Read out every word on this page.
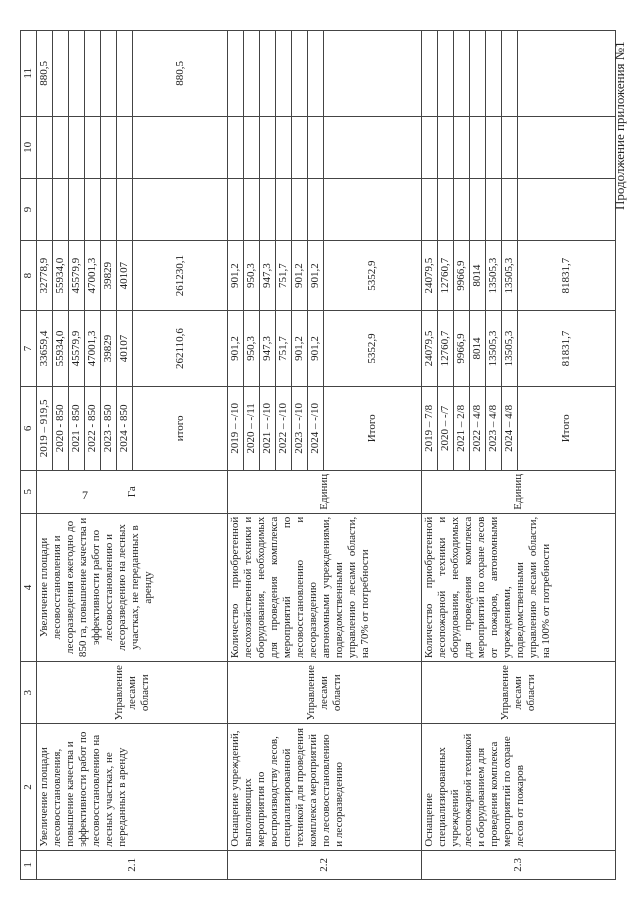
1	2	3	4	5	6	7	8	9	10	11
2.1	Увеличение площади лесовосстановления, повышение качества и эффективности работ по лесовосстановлению на лесных участках, не переданных в аренду	Управление лесами области	Увеличение площади лесовосстановления и лесоразведения ежегодно до 850 га, повышение качества и эффективности работ по лесовосстановлению и лесоразведению на лесных участках, не переданных в аренду	Га	2019 – 919,5	33659,4	32778,9			880,5
					2020 - 850	55934,0	55934,0			
					2021 - 850	45579,9	45579,9			
					2022 - 850	47001,3	47001,3			
					2023 - 850	39829	39829			
					2024 - 850	40107	40107			
					итого	262110,6	261230,1			880,5
2.2	Оснащение учреждений, выполняющих мероприятия по воспроизводству лесов, специализированной техникой для проведения комплекса мероприятий по лесовосстановлению и лесоразведению	Управление лесами области	Количество приобретенной лесохозяйственной техники и оборудования, необходимых для проведения комплекса мероприятий по лесовосстановлению и лесоразведению автономными учреждениями, подведомственными управлению лесами области, на 70% от потребности	Единиц	2019 – -/10	901,2	901,2			
					2020 – -/11	950,3	950,3			
					2021 – -/10	947,3	947,3			
					2022 – -/10	751,7	751,7			
					2023 – -/10	901,2	901,2			
					2024 – -/10	901,2	901,2			
					Итого	5352,9	5352,9			
2.3	Оснащение специализированных учреждений лесопожарной техникой и оборудованием для проведения комплекса мероприятий по охране лесов от пожаров	Управление лесами области	Количество приобретенной лесопожарной техники и оборудования, необходимых для проведения комплекса мероприятий по охране лесов от пожаров, автономными учреждениями, подведомственными управлению лесами области, на 100% от потребности	Единиц	2019 – 7/8	24079,5	24079,5			
					2020 – -/7	12760,7	12760,7			
					2021 – 2/8	9966,9	9966,9			
					2022 – 4/8	8014	8014			
					2023 – 4/8	13505,3	13505,3			
					2024 – 4/8	13505,3	13505,3			
					Итого	81831,7	81831,7			
7
Продолжение приложения №1
